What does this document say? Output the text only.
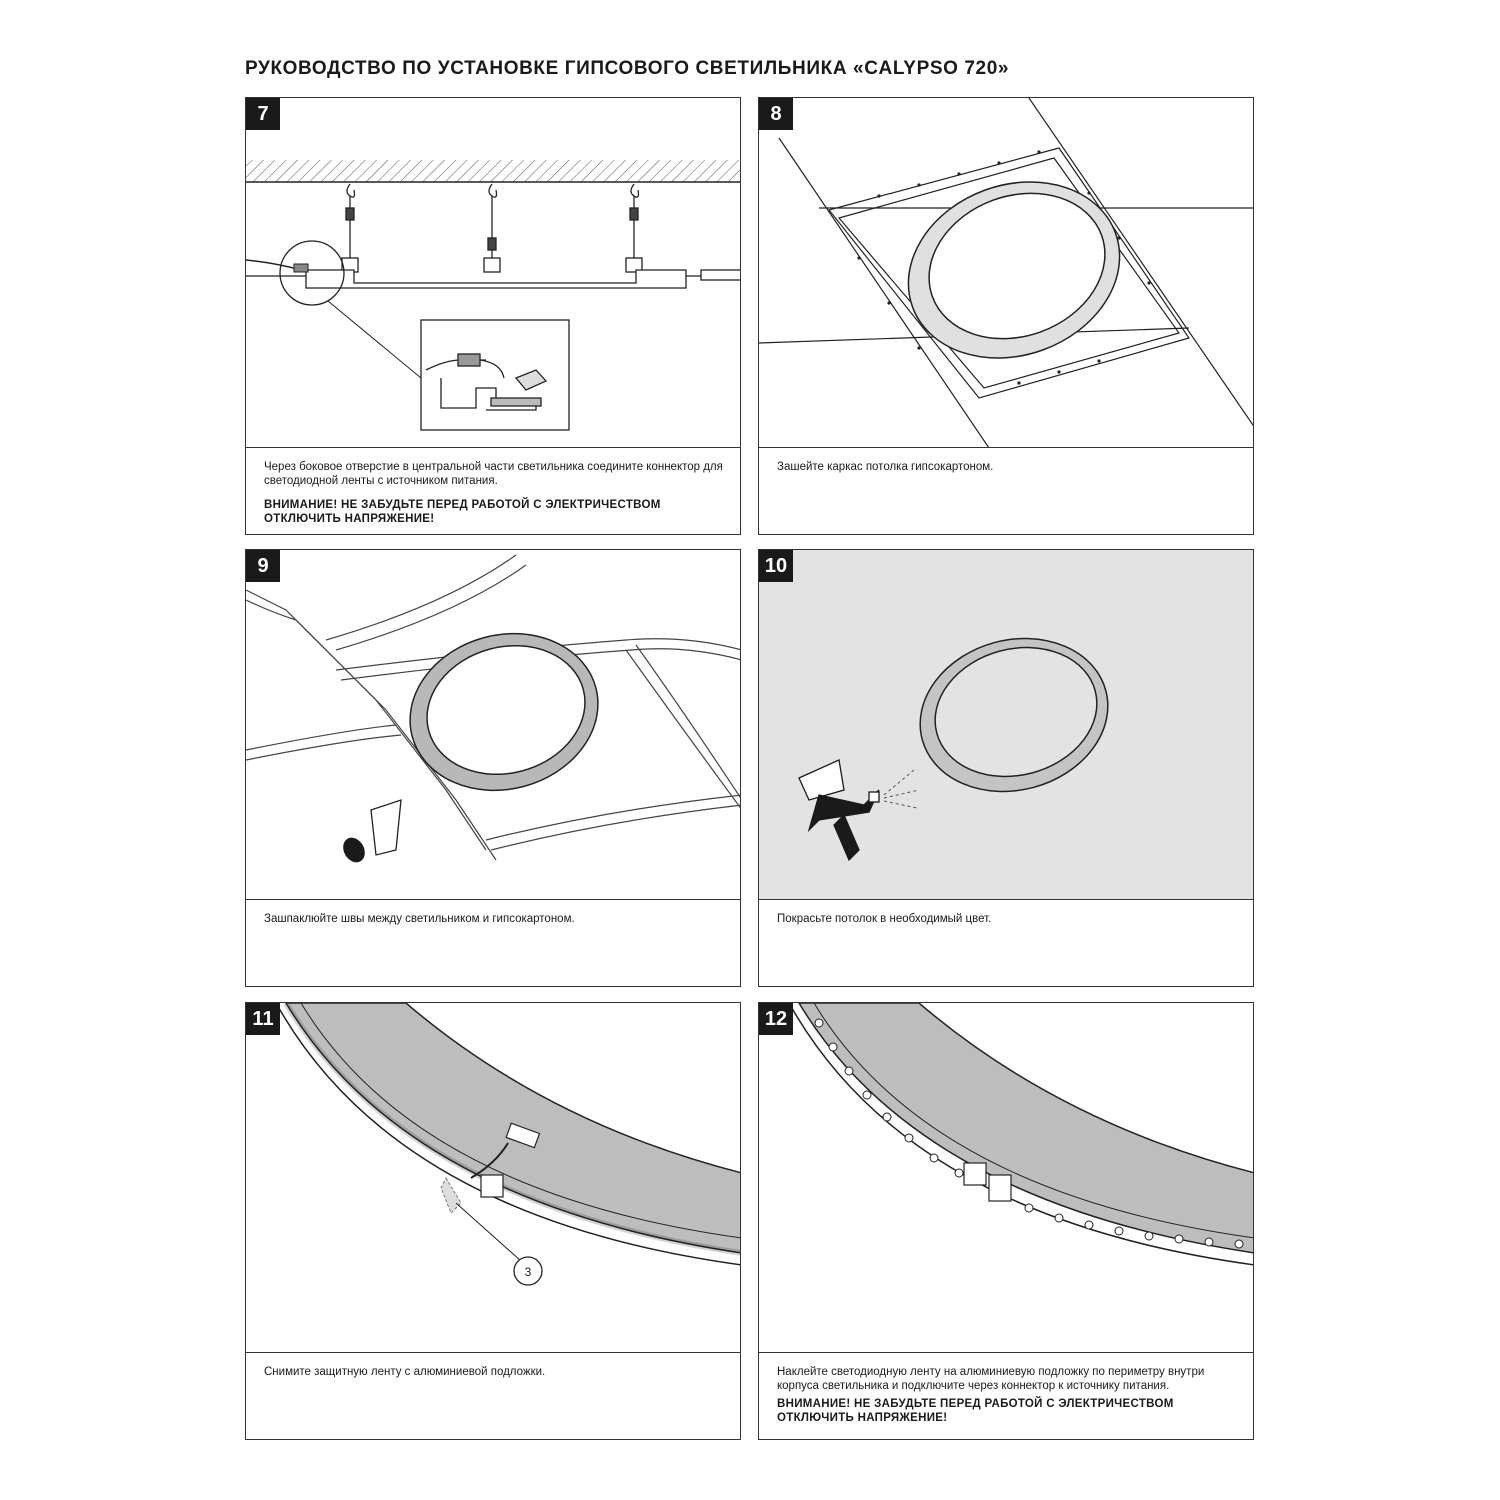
РУКОВОДСТВО ПО УСТАНОВКЕ ГИПСОВОГО СВЕТИЛЬНИКА «CALYPSO 720»
7

Через боковое отверстие в центральной части светильника соедините коннектор для светодиодной ленты с источником питания.

ВНИМАНИЕ! НЕ ЗАБУДЬТЕ ПЕРЕД РАБОТОЙ С ЭЛЕКТРИЧЕСТВОМ ОТКЛЮЧИТЬ НАПРЯЖЕНИЕ!

8

Зашейте каркас потолка гипсокартоном.

9

Зашпаклюйте швы между светильником и гипсокартоном.

10

Покрасьте потолок в необходимый цвет.

11
3

Снимите защитную ленту с алюминиевой подложки.

12

Наклейте светодиодную ленту на алюминиевую подложку по периметру внутри корпуса светильника и подключите через коннектор к источнику питания.

ВНИМАНИЕ! НЕ ЗАБУДЬТЕ ПЕРЕД РАБОТОЙ С ЭЛЕКТРИЧЕСТВОМ ОТКЛЮЧИТЬ НАПРЯЖЕНИЕ!
